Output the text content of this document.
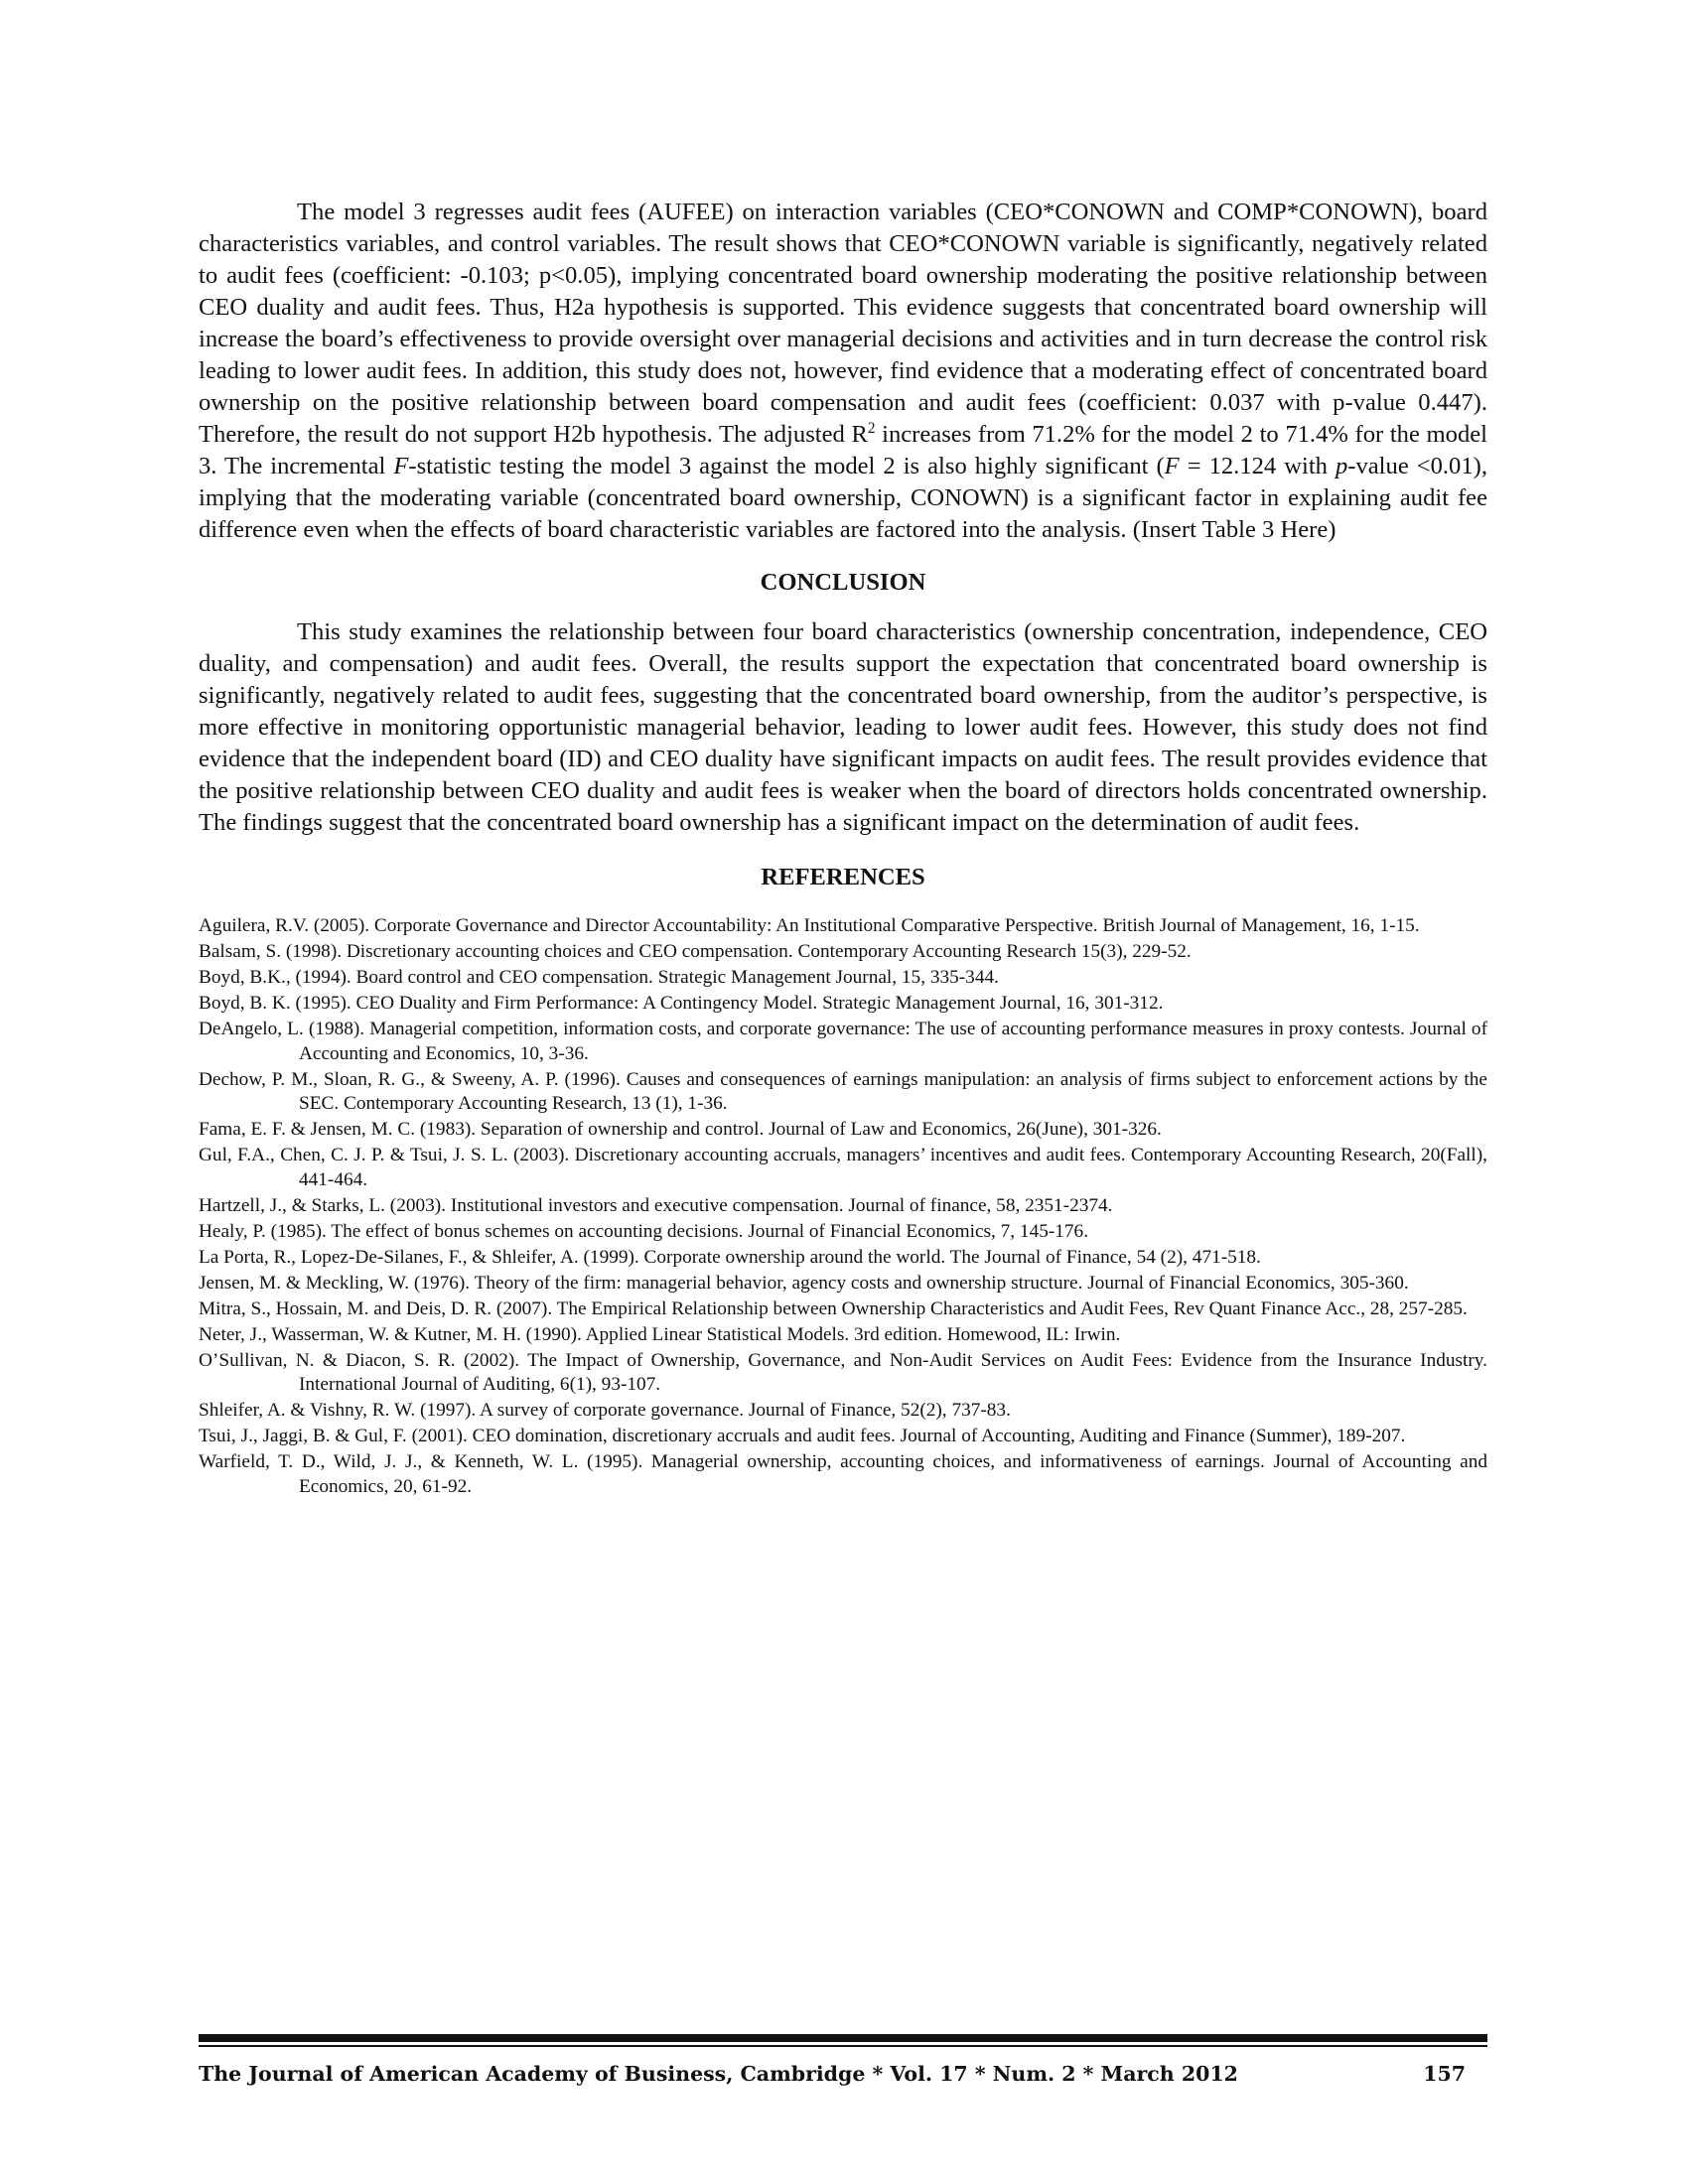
The model 3 regresses audit fees (AUFEE) on interaction variables (CEO*CONOWN and COMP*CONOWN), board characteristics variables, and control variables. The result shows that CEO*CONOWN variable is significantly, negatively related to audit fees (coefficient: -0.103; p<0.05), implying concentrated board ownership moderating the positive relationship between CEO duality and audit fees. Thus, H2a hypothesis is supported. This evidence suggests that concentrated board ownership will increase the board’s effectiveness to provide oversight over managerial decisions and activities and in turn decrease the control risk leading to lower audit fees. In addition, this study does not, however, find evidence that a moderating effect of concentrated board ownership on the positive relationship between board compensation and audit fees (coefficient: 0.037 with p-value 0.447). Therefore, the result do not support H2b hypothesis. The adjusted $R^2$ increases from 71.2% for the model 2 to 71.4% for the model 3. The incremental F-statistic testing the model 3 against the model 2 is also highly significant (F = 12.124 with p-value <0.01), implying that the moderating variable (concentrated board ownership, CONOWN) is a significant factor in explaining audit fee difference even when the effects of board characteristic variables are factored into the analysis. (Insert Table 3 Here)

CONCLUSION

This study examines the relationship between four board characteristics (ownership concentration, independence, CEO duality, and compensation) and audit fees. Overall, the results support the expectation that concentrated board ownership is significantly, negatively related to audit fees, suggesting that the concentrated board ownership, from the auditor’s perspective, is more effective in monitoring opportunistic managerial behavior, leading to lower audit fees. However, this study does not find evidence that the independent board (ID) and CEO duality have significant impacts on audit fees. The result provides evidence that the positive relationship between CEO duality and audit fees is weaker when the board of directors holds concentrated ownership. The findings suggest that the concentrated board ownership has a significant impact on the determination of audit fees.

REFERENCES
Aguilera, R.V. (2005). Corporate Governance and Director Accountability: An Institutional Comparative Perspective. British Journal of Management, 16, 1-15.
Balsam, S. (1998). Discretionary accounting choices and CEO compensation. Contemporary Accounting Research 15(3), 229-52.
Boyd, B.K., (1994). Board control and CEO compensation. Strategic Management Journal, 15, 335-344.
Boyd, B. K. (1995). CEO Duality and Firm Performance: A Contingency Model. Strategic Management Journal, 16, 301-312.
DeAngelo, L. (1988). Managerial competition, information costs, and corporate governance: The use of accounting performance measures in proxy contests. Journal of Accounting and Economics, 10, 3-36.
Dechow, P. M., Sloan, R. G., & Sweeny, A. P. (1996). Causes and consequences of earnings manipulation: an analysis of firms subject to enforcement actions by the SEC. Contemporary Accounting Research, 13 (1), 1-36.
Fama, E. F. & Jensen, M. C. (1983). Separation of ownership and control. Journal of Law and Economics, 26(June), 301-326.
Gul, F.A., Chen, C. J. P. & Tsui, J. S. L. (2003). Discretionary accounting accruals, managers’ incentives and audit fees. Contemporary Accounting Research, 20(Fall), 441-464.
Hartzell, J., & Starks, L. (2003). Institutional investors and executive compensation. Journal of finance, 58, 2351-2374.
Healy, P. (1985). The effect of bonus schemes on accounting decisions. Journal of Financial Economics, 7, 145-176.
La Porta, R., Lopez-De-Silanes, F., & Shleifer, A. (1999). Corporate ownership around the world. The Journal of Finance, 54 (2), 471-518.
Jensen, M. & Meckling, W. (1976). Theory of the firm: managerial behavior, agency costs and ownership structure. Journal of Financial Economics, 305-360.
Mitra, S., Hossain, M. and Deis, D. R. (2007). The Empirical Relationship between Ownership Characteristics and Audit Fees, Rev Quant Finance Acc., 28, 257-285.
Neter, J., Wasserman, W. & Kutner, M. H. (1990). Applied Linear Statistical Models. 3rd edition. Homewood, IL: Irwin.
O’Sullivan, N. & Diacon, S. R. (2002). The Impact of Ownership, Governance, and Non-Audit Services on Audit Fees: Evidence from the Insurance Industry. International Journal of Auditing, 6(1), 93-107.
Shleifer, A. & Vishny, R. W. (1997). A survey of corporate governance. Journal of Finance, 52(2), 737-83.
Tsui, J., Jaggi, B. & Gul, F. (2001). CEO domination, discretionary accruals and audit fees. Journal of Accounting, Auditing and Finance (Summer), 189-207.
Warfield, T. D., Wild, J. J., & Kenneth, W. L. (1995). Managerial ownership, accounting choices, and informativeness of earnings. Journal of Accounting and Economics, 20, 61-92.
The Journal of American Academy of Business, Cambridge * Vol. 17 * Num. 2 * March 2012	157
